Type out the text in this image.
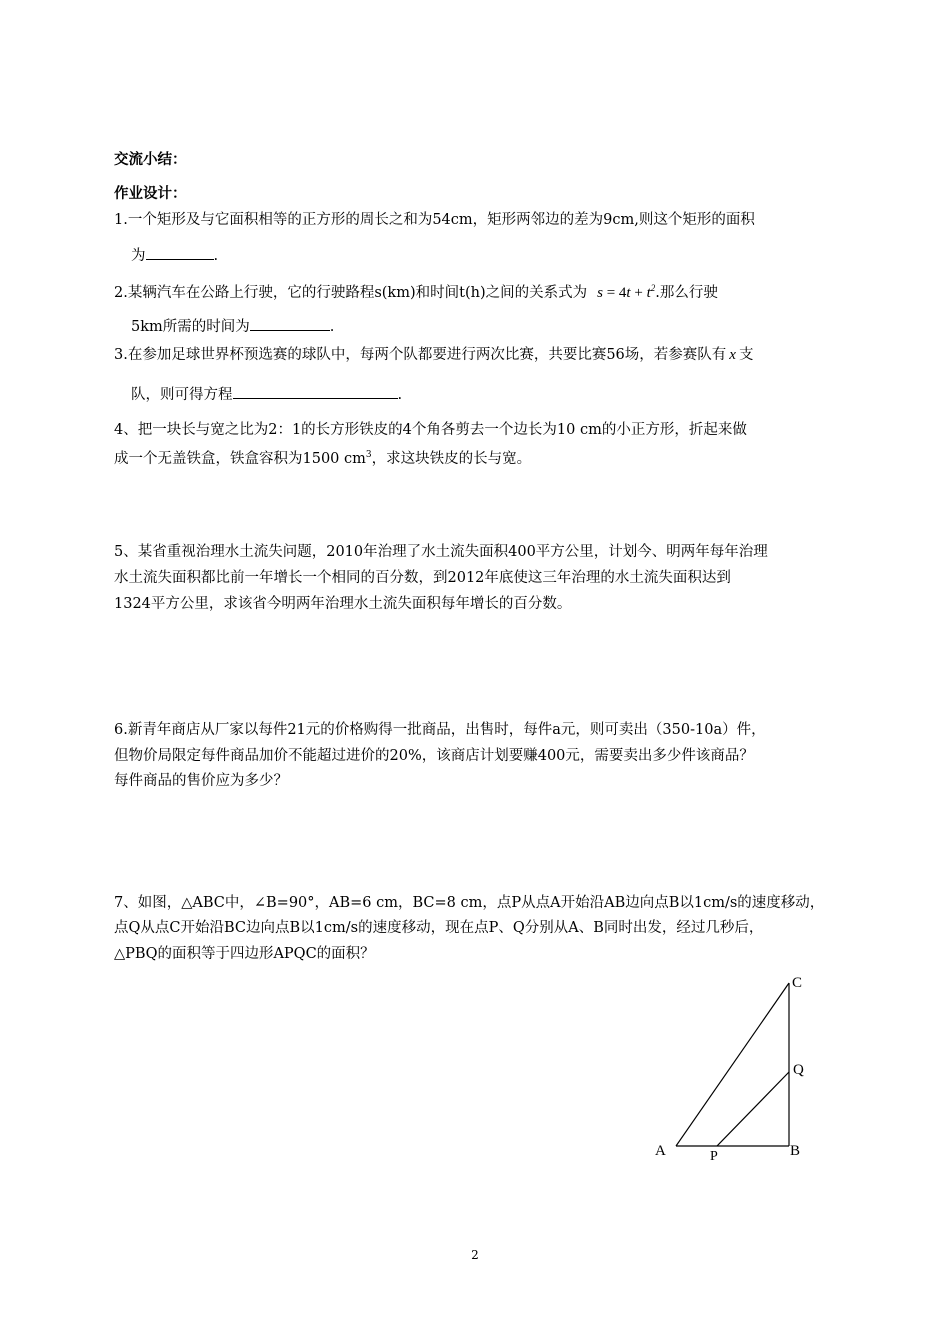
交流小结：
作业设计：
1.一个矩形及与它面积相等的正方形的周长之和为54cm，矩形两邻边的差为9cm,则这个矩形的面积
为	.
2.某辆汽车在公路上行驶，它的行驶路程s(km)和时间t(h)之间的关系式为 $s = 4t + t^2$.那么行驶
5km所需的时间为	.
3.在参加足球世界杯预选赛的球队中，每两个队都要进行两次比赛，共要比赛56场，若参赛队有 x 支
队，则可得方程	.
4、把一块长与宽之比为2：1的长方形铁皮的4个角各剪去一个边长为10 cm的小正方形，折起来做
成一个无盖铁盒，铁盒容积为1500 $cm^3$，求这块铁皮的长与宽。
5、某省重视治理水土流失问题，2010年治理了水土流失面积400平方公里，计划今、明两年每年治理
水土流失面积都比前一年增长一个相同的百分数，到2012年底使这三年治理的水土流失面积达到
1324平方公里，求该省今明两年治理水土流失面积每年增长的百分数。
6.新青年商店从厂家以每件21元的价格购得一批商品，出售时，每件a元，则可卖出（350-10a）件，
但物价局限定每件商品加价不能超过进价的20%，该商店计划要赚400元，需要卖出多少件该商品？
每件商品的售价应为多少？
7、如图，△ABC中，∠B=90°，AB=6 cm，BC=8 cm，点P从点A开始沿AB边向点B以1cm/s的速度移动，
点Q从点C开始沿BC边向点B以1cm/s的速度移动，现在点P、Q分别从A、B同时出发，经过几秒后，
△PBQ的面积等于四边形APQC的面积？
C
Q
A	B
P
2
